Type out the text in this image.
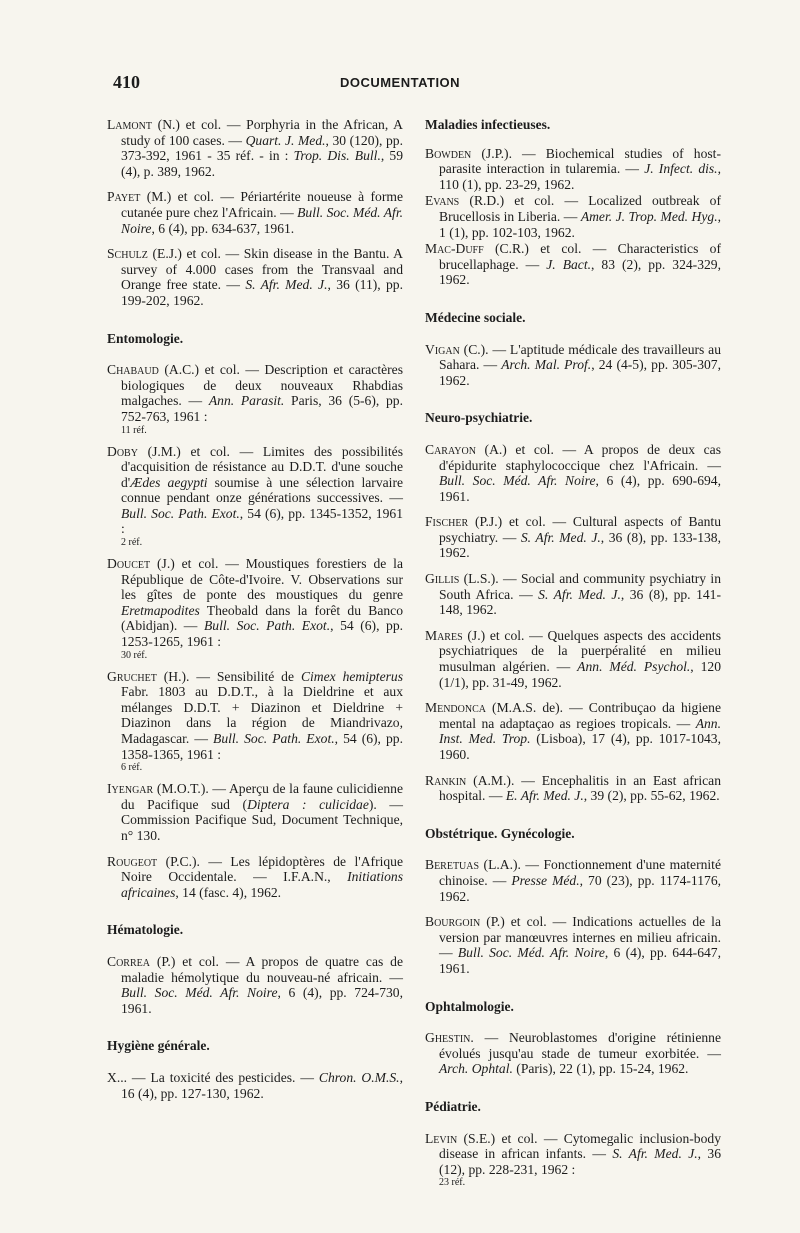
410	DOCUMENTATION

Lamont (N.) et col. — Porphyria in the African, A study of 100 cases. — Quart. J. Med., 30 (120), pp. 373-392, 1961 - 35 réf. - in : Trop. Dis. Bull., 59 (4), p. 389, 1962.

Payet (M.) et col. — Périartérite noueuse à forme cutanée pure chez l'Africain. — Bull. Soc. Méd. Afr. Noire, 6 (4), pp. 634-637, 1961.

Schulz (E.J.) et col. — Skin disease in the Bantu. A survey of 4.000 cases from the Transvaal and Orange free state. — S. Afr. Med. J., 36 (11), pp. 199-202, 1962.

Entomologie.

Chabaud (A.C.) et col. — Description et caractères biologiques de deux nouveaux Rhabdias malgaches. — Ann. Parasit. Paris, 36 (5-6), pp. 752-763, 1961 :

11 réf.

Doby (J.M.) et col. — Limites des possibilités d'acquisition de résistance au D.D.T. d'une souche d'Ædes aegypti soumise à une sélection larvaire connue pendant onze générations successives. — Bull. Soc. Path. Exot., 54 (6), pp. 1345-1352, 1961 :

2 réf.

Doucet (J.) et col. — Moustiques forestiers de la République de Côte-d'Ivoire. V. Observations sur les gîtes de ponte des moustiques du genre Eretmapodites Theobald dans la forêt du Banco (Abidjan). — Bull. Soc. Path. Exot., 54 (6), pp. 1253-1265, 1961 :

30 réf.

Gruchet (H.). — Sensibilité de Cimex hemipterus Fabr. 1803 au D.D.T., à la Dieldrine et aux mélanges D.D.T. + Diazinon et Dieldrine + Diazinon dans la région de Miandrivazo, Madagascar. — Bull. Soc. Path. Exot., 54 (6), pp. 1358-1365, 1961 :

6 réf.

Iyengar (M.O.T.). — Aperçu de la faune culicidienne du Pacifique sud (Diptera : culicidae). — Commission Pacifique Sud, Document Technique, n° 130.

Rougeot (P.C.). — Les lépidoptères de l'Afrique Noire Occidentale. — I.F.A.N., Initiations africaines, 14 (fasc. 4), 1962.

Hématologie.

Correa (P.) et col. — A propos de quatre cas de maladie hémolytique du nouveau-né africain. — Bull. Soc. Méd. Afr. Noire, 6 (4), pp. 724-730, 1961.

Hygiène générale.

X... — La toxicité des pesticides. — Chron. O.M.S., 16 (4), pp. 127-130, 1962.

Maladies infectieuses.

Bowden (J.P.). — Biochemical studies of host-parasite interaction in tularemia. — J. Infect. dis., 110 (1), pp. 23-29, 1962.

Evans (R.D.) et col. — Localized outbreak of Brucellosis in Liberia. — Amer. J. Trop. Med. Hyg., 1 (1), pp. 102-103, 1962.

Mac-Duff (C.R.) et col. — Characteristics of brucellaphage. — J. Bact., 83 (2), pp. 324-329, 1962.

Médecine sociale.

Vigan (C.). — L'aptitude médicale des travailleurs au Sahara. — Arch. Mal. Prof., 24 (4-5), pp. 305-307, 1962.

Neuro-psychiatrie.

Carayon (A.) et col. — A propos de deux cas d'épidurite staphylococcique chez l'Africain. — Bull. Soc. Méd. Afr. Noire, 6 (4), pp. 690-694, 1961.

Fischer (P.J.) et col. — Cultural aspects of Bantu psychiatry. — S. Afr. Med. J., 36 (8), pp. 133-138, 1962.

Gillis (L.S.). — Social and community psychiatry in South Africa. — S. Afr. Med. J., 36 (8), pp. 141-148, 1962.

Mares (J.) et col. — Quelques aspects des accidents psychiatriques de la puerpéralité en milieu musulman algérien. — Ann. Méd. Psychol., 120 (1/1), pp. 31-49, 1962.

Mendonca (M.A.S. de). — Contribuçao da higiene mental na adaptaçao as regioes tropicals. — Ann. Inst. Med. Trop. (Lisboa), 17 (4), pp. 1017-1043, 1960.

Rankin (A.M.). — Encephalitis in an East african hospital. — E. Afr. Med. J., 39 (2), pp. 55-62, 1962.

Obstétrique. Gynécologie.

Beretuas (L.A.). — Fonctionnement d'une maternité chinoise. — Presse Méd., 70 (23), pp. 1174-1176, 1962.

Bourgoin (P.) et col. — Indications actuelles de la version par manœuvres internes en milieu africain. — Bull. Soc. Méd. Afr. Noire, 6 (4), pp. 644-647, 1961.

Ophtalmologie.

Ghestin. — Neuroblastomes d'origine rétinienne évolués jusqu'au stade de tumeur exorbitée. — Arch. Ophtal. (Paris), 22 (1), pp. 15-24, 1962.

Pédiatrie.

Levin (S.E.) et col. — Cytomegalic inclusion-body disease in african infants. — S. Afr. Med. J., 36 (12), pp. 228-231, 1962 :

23 réf.
